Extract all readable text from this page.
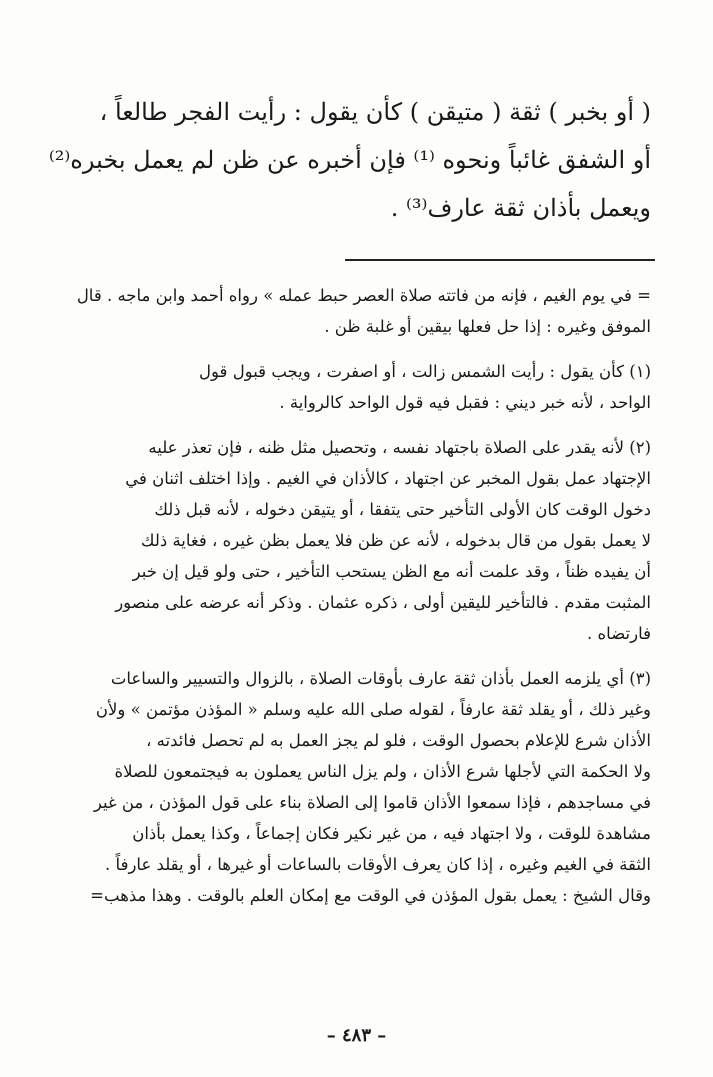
( أو بخبر ) ثقة ( متيقن ) كأن يقول : رأيت الفجر طالعاً ،
أو الشفق غائباً ونحوه ⁽¹⁾ فإن أخبره عن ظن لم يعمل بخبره⁽²⁾
ويعمل بأذان ثقة عارف⁽³⁾ .
= في يوم الغيم ، فإنه من فاتته صلاة العصر حبط عمله » رواه أحمد وابن ماجه . قال
الموفق وغيره : إذا حل فعلها بيقين أو غلبة ظن .
(١) كأن يقول : رأيت الشمس زالت ، أو اصفرت ، ويجب قبول قول
الواحد ، لأنه خبر ديني : فقبل فيه قول الواحد كالرواية .
(٢) لأنه يقدر على الصلاة باجتهاد نفسه ، وتحصيل مثل ظنه ، فإن تعذر عليه
الإجتهاد عمل بقول المخبر عن اجتهاد ، كالأذان في الغيم . وإذا اختلف اثنان في
دخول الوقت كان الأولى التأخير حتى يتفقا ، أو يتيقن دخوله ، لأنه قبل ذلك
لا يعمل بقول من قال بدخوله ، لأنه عن ظن فلا يعمل بظن غيره ، فغاية ذلك
أن يفيده ظناً ، وقد علمت أنه مع الظن يستحب التأخير ، حتى ولو قيل إن خبر
المثبت مقدم . فالتأخير لليقين أولى ، ذكره عثمان . وذكر أنه عرضه على منصور
فارتضاه .
(٣) أي يلزمه العمل بأذان ثقة عارف بأوقات الصلاة ، بالزوال والتسيير والساعات
وغير ذلك ، أو يقلد ثقة عارفاً ، لقوله صلى الله عليه وسلم « المؤذن مؤتمن » ولأن
الأذان شرع للإعلام بحصول الوقت ، فلو لم يجز العمل به لم تحصل فائدته ،
ولا الحكمة التي لأجلها شرع الأذان ، ولم يزل الناس يعملون به فيجتمعون للصلاة
في مساجدهم ، فإذا سمعوا الأذان قاموا إلى الصلاة بناء على قول المؤذن ، من غير
مشاهدة للوقت ، ولا اجتهاد فيه ، من غير نكير فكان إجماعاً ، وكذا يعمل بأذان
الثقة في الغيم وغيره ، إذا كان يعرف الأوقات بالساعات أو غيرها ، أو يقلد عارفاً .
وقال الشيخ : يعمل بقول المؤذن في الوقت مع إمكان العلم بالوقت . وهذا مذهب=
– ٤٨٣ –
